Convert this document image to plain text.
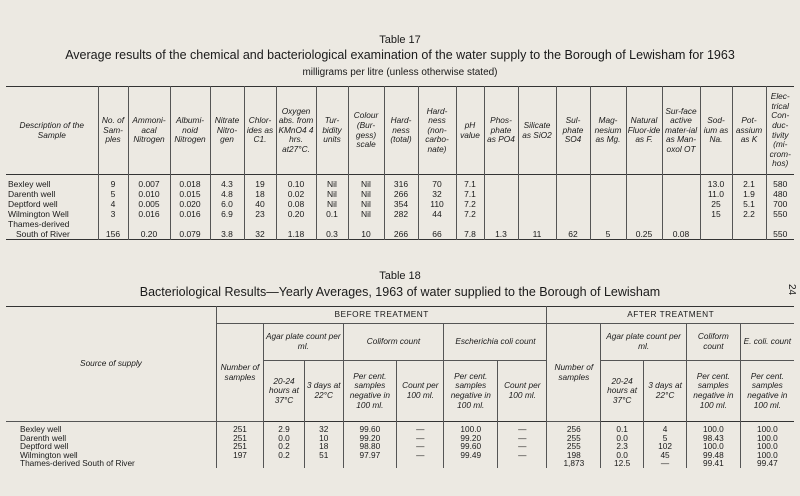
Table 17
Average results of the chemical and bacteriological examination of the water supply to the Borough of Lewisham for 1963
milligrams per litre (unless otherwise stated)
Description of the Sample	No. of Sam-ples	Ammoni-acal Nitrogen	Albumi-noid Nitrogen	Nitrate Nitro-gen	Chlor-ides as C1.	Oxygen abs. from KMnO4 4 hrs. at27°C.	Tur-bidity units	Colour (Bur-gess) scale	Hard-ness (total)	Hard-ness (non-carbo-nate)	pH value	Phos-phate as PO4	Silicate as SiO2	Sul-phate SO4	Mag-nesium as Mg.	Natural Fluor-ide as F.	Sur-face active mater-ial as Man-oxol OT	Sod-ium as Na.	Pot-assium as K	Elec-trical Con-duc-tivity (mi-crom-hos)
Bexley well	9	0.007	0.018	4.3	19	0.10	Nil	Nil	316	70	7.1							13.0	2.1	580
Darenth well	5	0.010	0.015	4.8	18	0.02	Nil	Nil	266	32	7.1							11.0	1.9	480
Deptford well	4	0.005	0.020	6.0	40	0.08	Nil	Nil	354	110	7.2							25	5.1	700
Wilmington Well	3	0.016	0.016	6.9	23	0.20	0.1	Nil	282	44	7.2							15	2.2	550
Thames-derived																				
South of River	156	0.20	0.079	3.8	32	1.18	0.3	10	266	66	7.8	1.3	11	62	5	0.25	0.08			550
Table 18
Bacteriological Results—Yearly Averages, 1963 of water supplied to the Borough of Lewisham	24
Source of supply	BEFORE TREATMENT							AFTER TREATMENT				
	Number of samples	Agar plate count per ml.		Coliform count		Escherichia coli count		Number of samples	Agar plate count per ml.		Coliform count	E. coli. count
		20-24 hours at 37°C	3 days at 22°C	Per cent. samples negative in 100 ml.	Count per 100 ml.	Per cent. samples negative in 100 ml.	Count per 100 ml.		20-24 hours at 37°C	3 days at 22°C	Per cent. samples negative in 100 ml.	Per cent. samples negative in 100 ml.
Bexley well	251	2.9	32	99.60	—	100.0	—	256	0.1	4	100.0	100.0
Darenth well	251	0.0	10	99.20	—	99.20	—	255	0.0	5	98.43	100.0
Deptford well	251	0.2	18	98.80	—	99.60	—	255	2.3	102	100.0	100.0
Wilmington well	197	0.2	51	97.97	—	99.49	—	198	0.0	45	99.48	100.0
Thames-derived South of River								1,873	12.5	—	99.41	99.47
